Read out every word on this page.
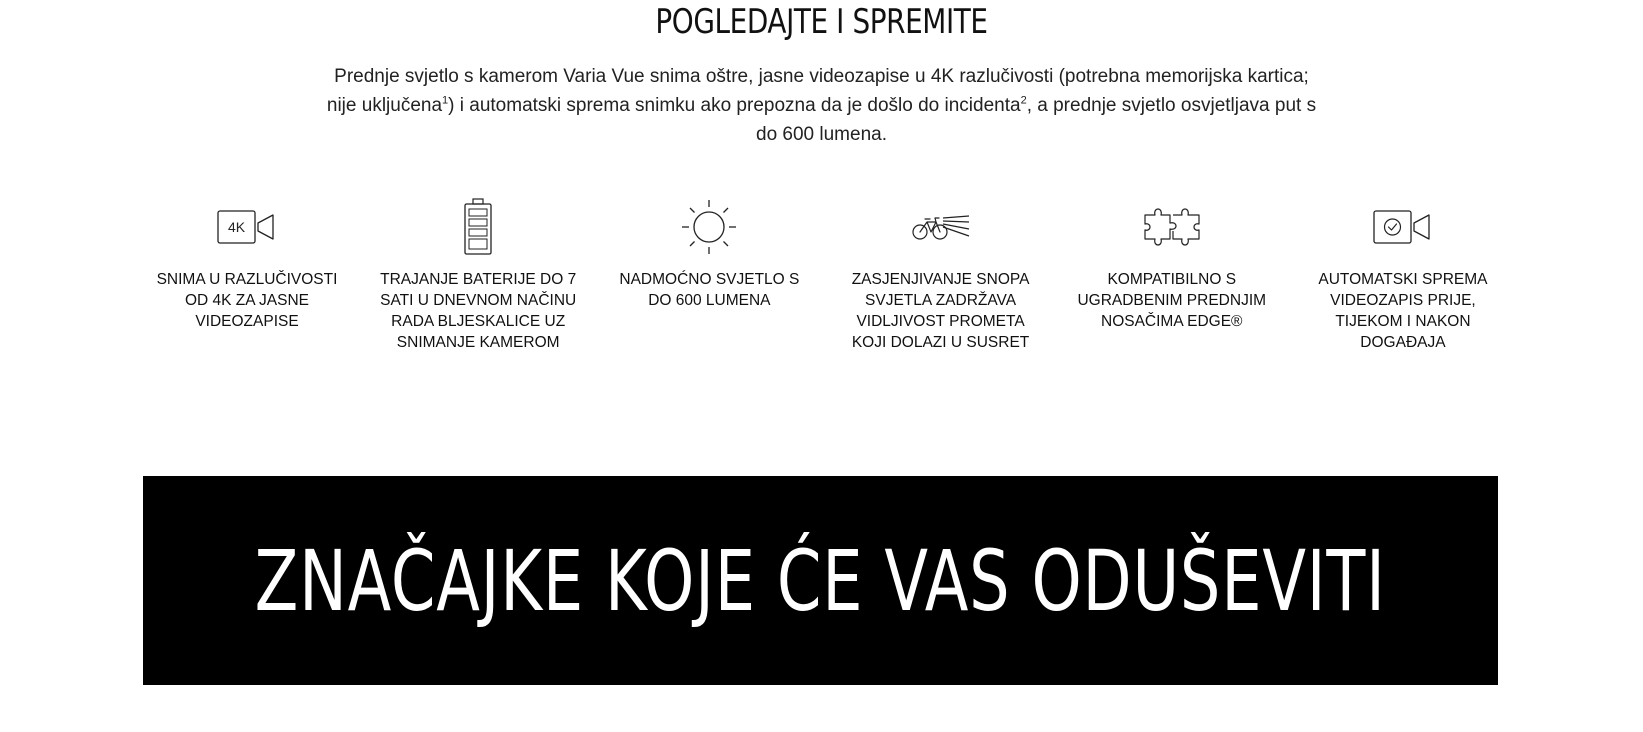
POGLEDAJTE I SPREMITE

Prednje svjetlo s kamerom Varia Vue snima oštre, jasne videozapise u 4K razlučivosti (potrebna memorijska kartica; nije uključena$^1$) i automatski sprema snimku ako prepozna da je došlo do incidenta$^2$, a prednje svjetlo osvjetljava put s do 600 lumena.

4K
SNIMA U RAZLUČIVOSTI OD 4K ZA JASNE VIDEOZAPISE
TRAJANJE BATERIJE DO 7 SATI U DNEVNOM NAČINU RADA BLJESKALICE UZ SNIMANJE KAMEROM
NADMOĆNO SVJETLO S DO 600 LUMENA
ZASJENJIVANJE SNOPA SVJETLA ZADRŽAVA VIDLJIVOST PROMETA KOJI DOLAZI U SUSRET
KOMPATIBILNO S UGRADBENIM PREDNJIM NOSAČIMA EDGE®
AUTOMATSKI SPREMA VIDEOZAPIS PRIJE, TIJEKOM I NAKON DOGAĐAJA
ZNAČAJKE KOJE ĆE VAS ODUŠEVITI
